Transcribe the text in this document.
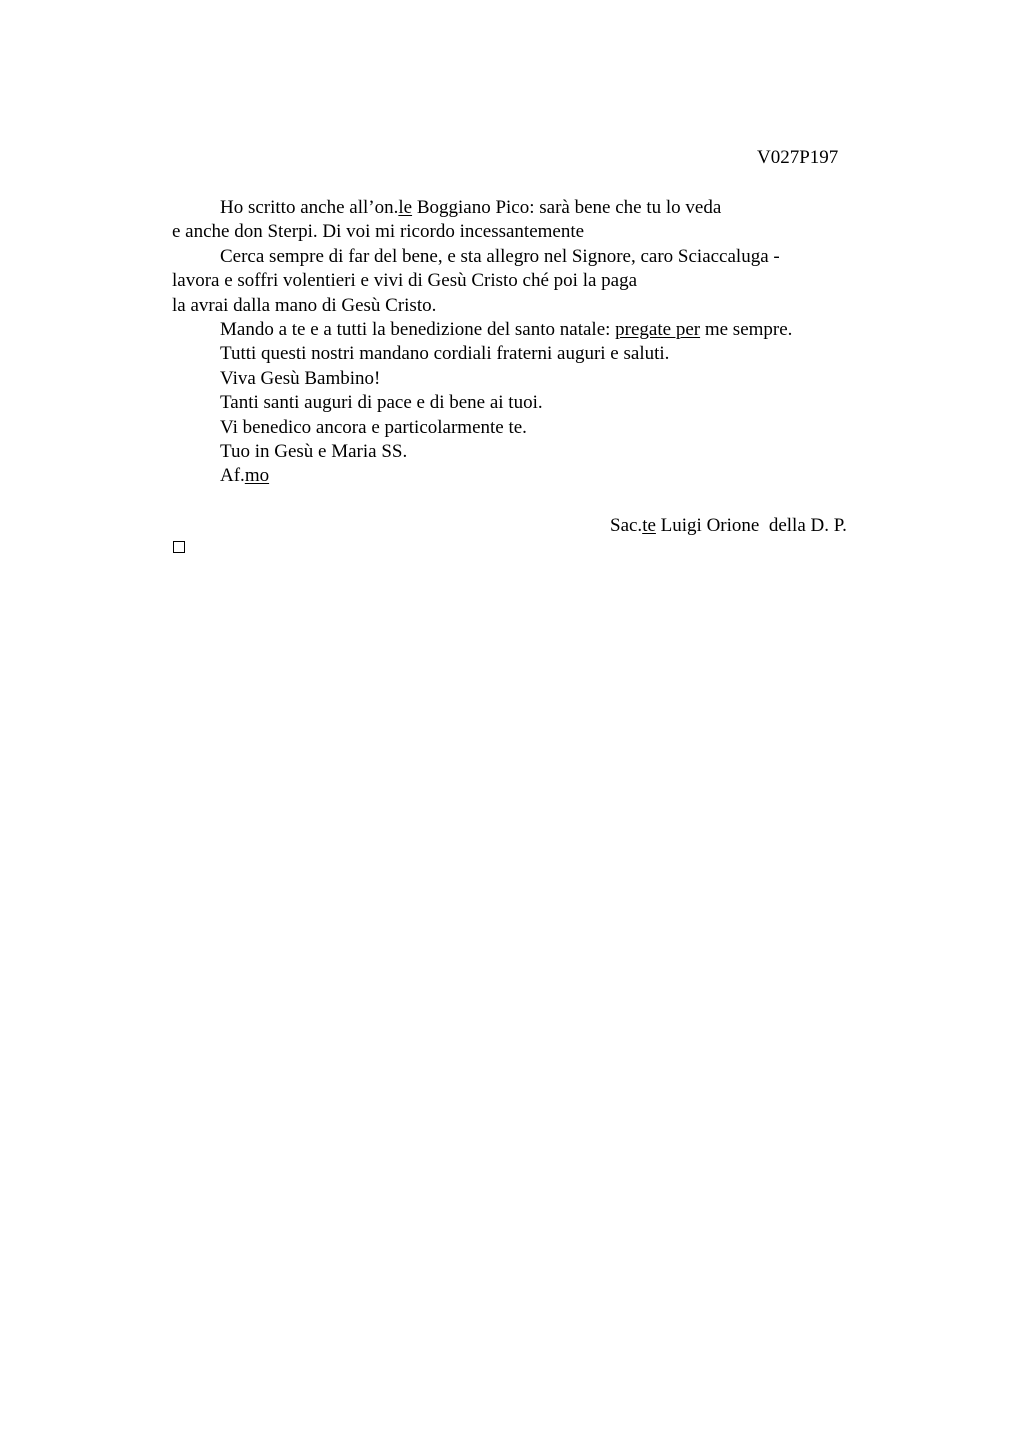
V027P197
Ho scritto anche all’on.le Boggiano Pico: sarà bene che tu lo veda
e anche don Sterpi. Di voi mi ricordo incessantemente
Cerca sempre di far del bene, e sta allegro nel Signore, caro Sciaccaluga -
lavora e soffri volentieri e vivi di Gesù Cristo ché poi la paga
la avrai dalla mano di Gesù Cristo.
Mando a te e a tutti la benedizione del santo natale: pregate per me sempre.
Tutti questi nostri mandano cordiali fraterni auguri e saluti.
Viva Gesù Bambino!
Tanti santi auguri di pace e di bene ai tuoi.
Vi benedico ancora e particolarmente te.
Tuo in Gesù e Maria SS.
Af.mo
Sac.te Luigi Orione  della D. P.
